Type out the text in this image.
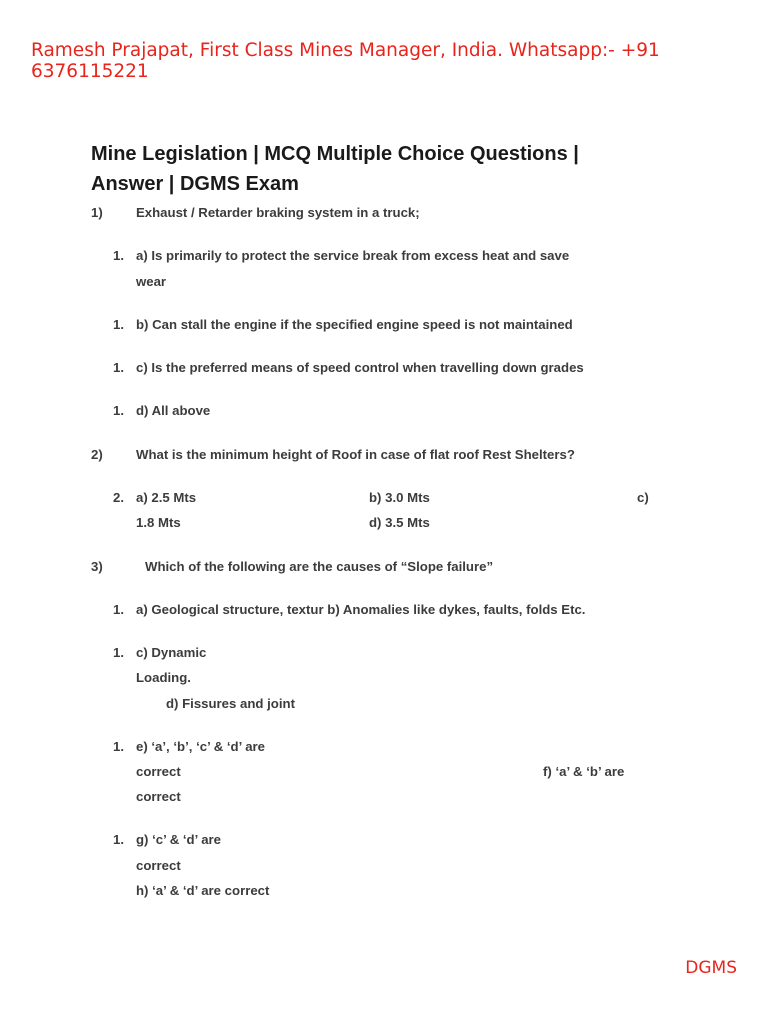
Ramesh Prajapat, First Class Mines Manager, India. Whatsapp:- +91 6376115221
Mine Legislation | MCQ Multiple Choice Questions |
Answer | DGMS Exam
1)	Exhaust / Retarder braking system in a truck;
1. a) Is primarily to protect the service break from excess heat and save
wear
1. b) Can stall the engine if the specified engine speed is not maintained
1. c) Is the preferred means of speed control when travelling down grades
1. d) All above
2)	What is the minimum height of Roof in case of flat roof Rest Shelters?
2. a) 2.5 Mts	b) 3.0 Mts	c)
1.8 Mts	d) 3.5 Mts
3)	Which of the following are the causes of “Slope failure”
1. a) Geological structure, textur b) Anomalies like dykes, faults, folds Etc.
1. c) Dynamic
Loading.
d) Fissures and joint
1. e) ‘a’, ‘b’, ‘c’ & ‘d’ are
correct	f) ‘a’ & ‘b’ are
correct
1. g) ‘c’ & ‘d’ are
correct
h) ‘a’ & ‘d’ are correct
DGMS
